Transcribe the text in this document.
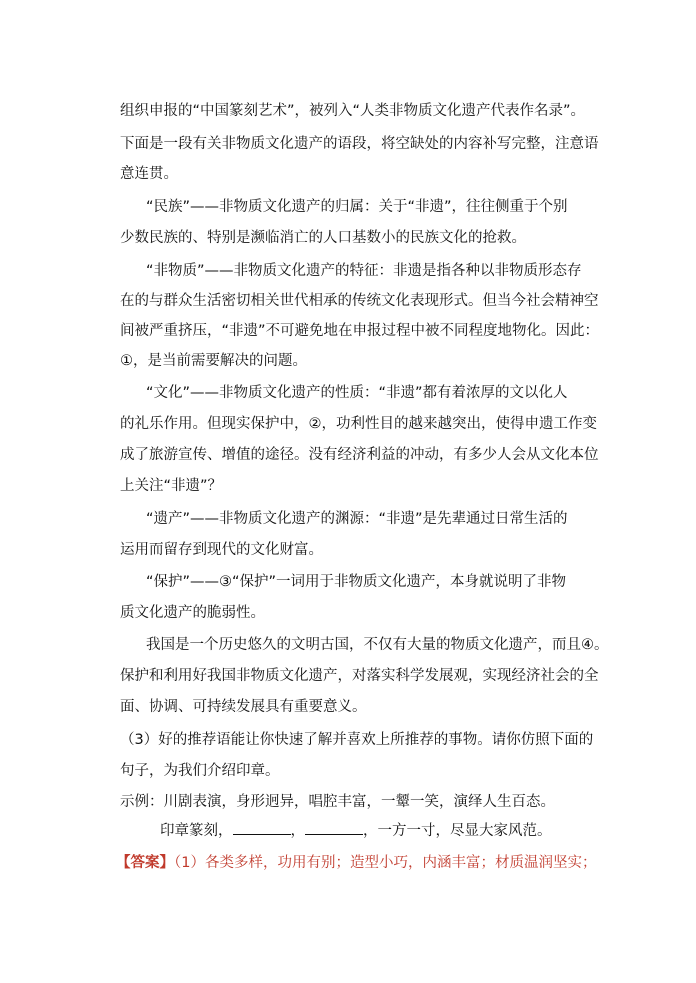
组织申报的“中国篆刻艺术”，被列入“人类非物质文化遗产代表作名录”。
下面是一段有关非物质文化遗产的语段，将空缺处的内容补写完整，注意语
意连贯。
“民族”——非物质文化遗产的归属：关于“非遗”，往往侧重于个别
少数民族的、特别是濒临消亡的人口基数小的民族文化的抢救。
“非物质”——非物质文化遗产的特征：非遗是指各种以非物质形态存
在的与群众生活密切相关世代相承的传统文化表现形式。但当今社会精神空
间被严重挤压，“非遗”不可避免地在申报过程中被不同程度地物化。因此：
①，是当前需要解决的问题。
“文化”——非物质文化遗产的性质：“非遗”都有着浓厚的文以化人
的礼乐作用。但现实保护中，②，功利性目的越来越突出，使得申遗工作变
成了旅游宣传、增值的途径。没有经济利益的冲动，有多少人会从文化本位
上关注“非遗”？
“遗产”——非物质文化遗产的渊源：“非遗”是先辈通过日常生活的
运用而留存到现代的文化财富。
“保护”——③“保护”一词用于非物质文化遗产，本身就说明了非物
质文化遗产的脆弱性。
我国是一个历史悠久的文明古国，不仅有大量的物质文化遗产，而且④。
保护和利用好我国非物质文化遗产，对落实科学发展观，实现经济社会的全
面、协调、可持续发展具有重要意义。
（3）好的推荐语能让你快速了解并喜欢上所推荐的事物。请你仿照下面的
句子，为我们介绍印章。
示例：川剧表演，身形迥异，唱腔丰富，一颦一笑，演绎人生百态。
印章篆刻，	，	，一方一寸，尽显大家风范。
【答案】（1）各类多样，功用有别；造型小巧，内涵丰富；材质温润坚实；
